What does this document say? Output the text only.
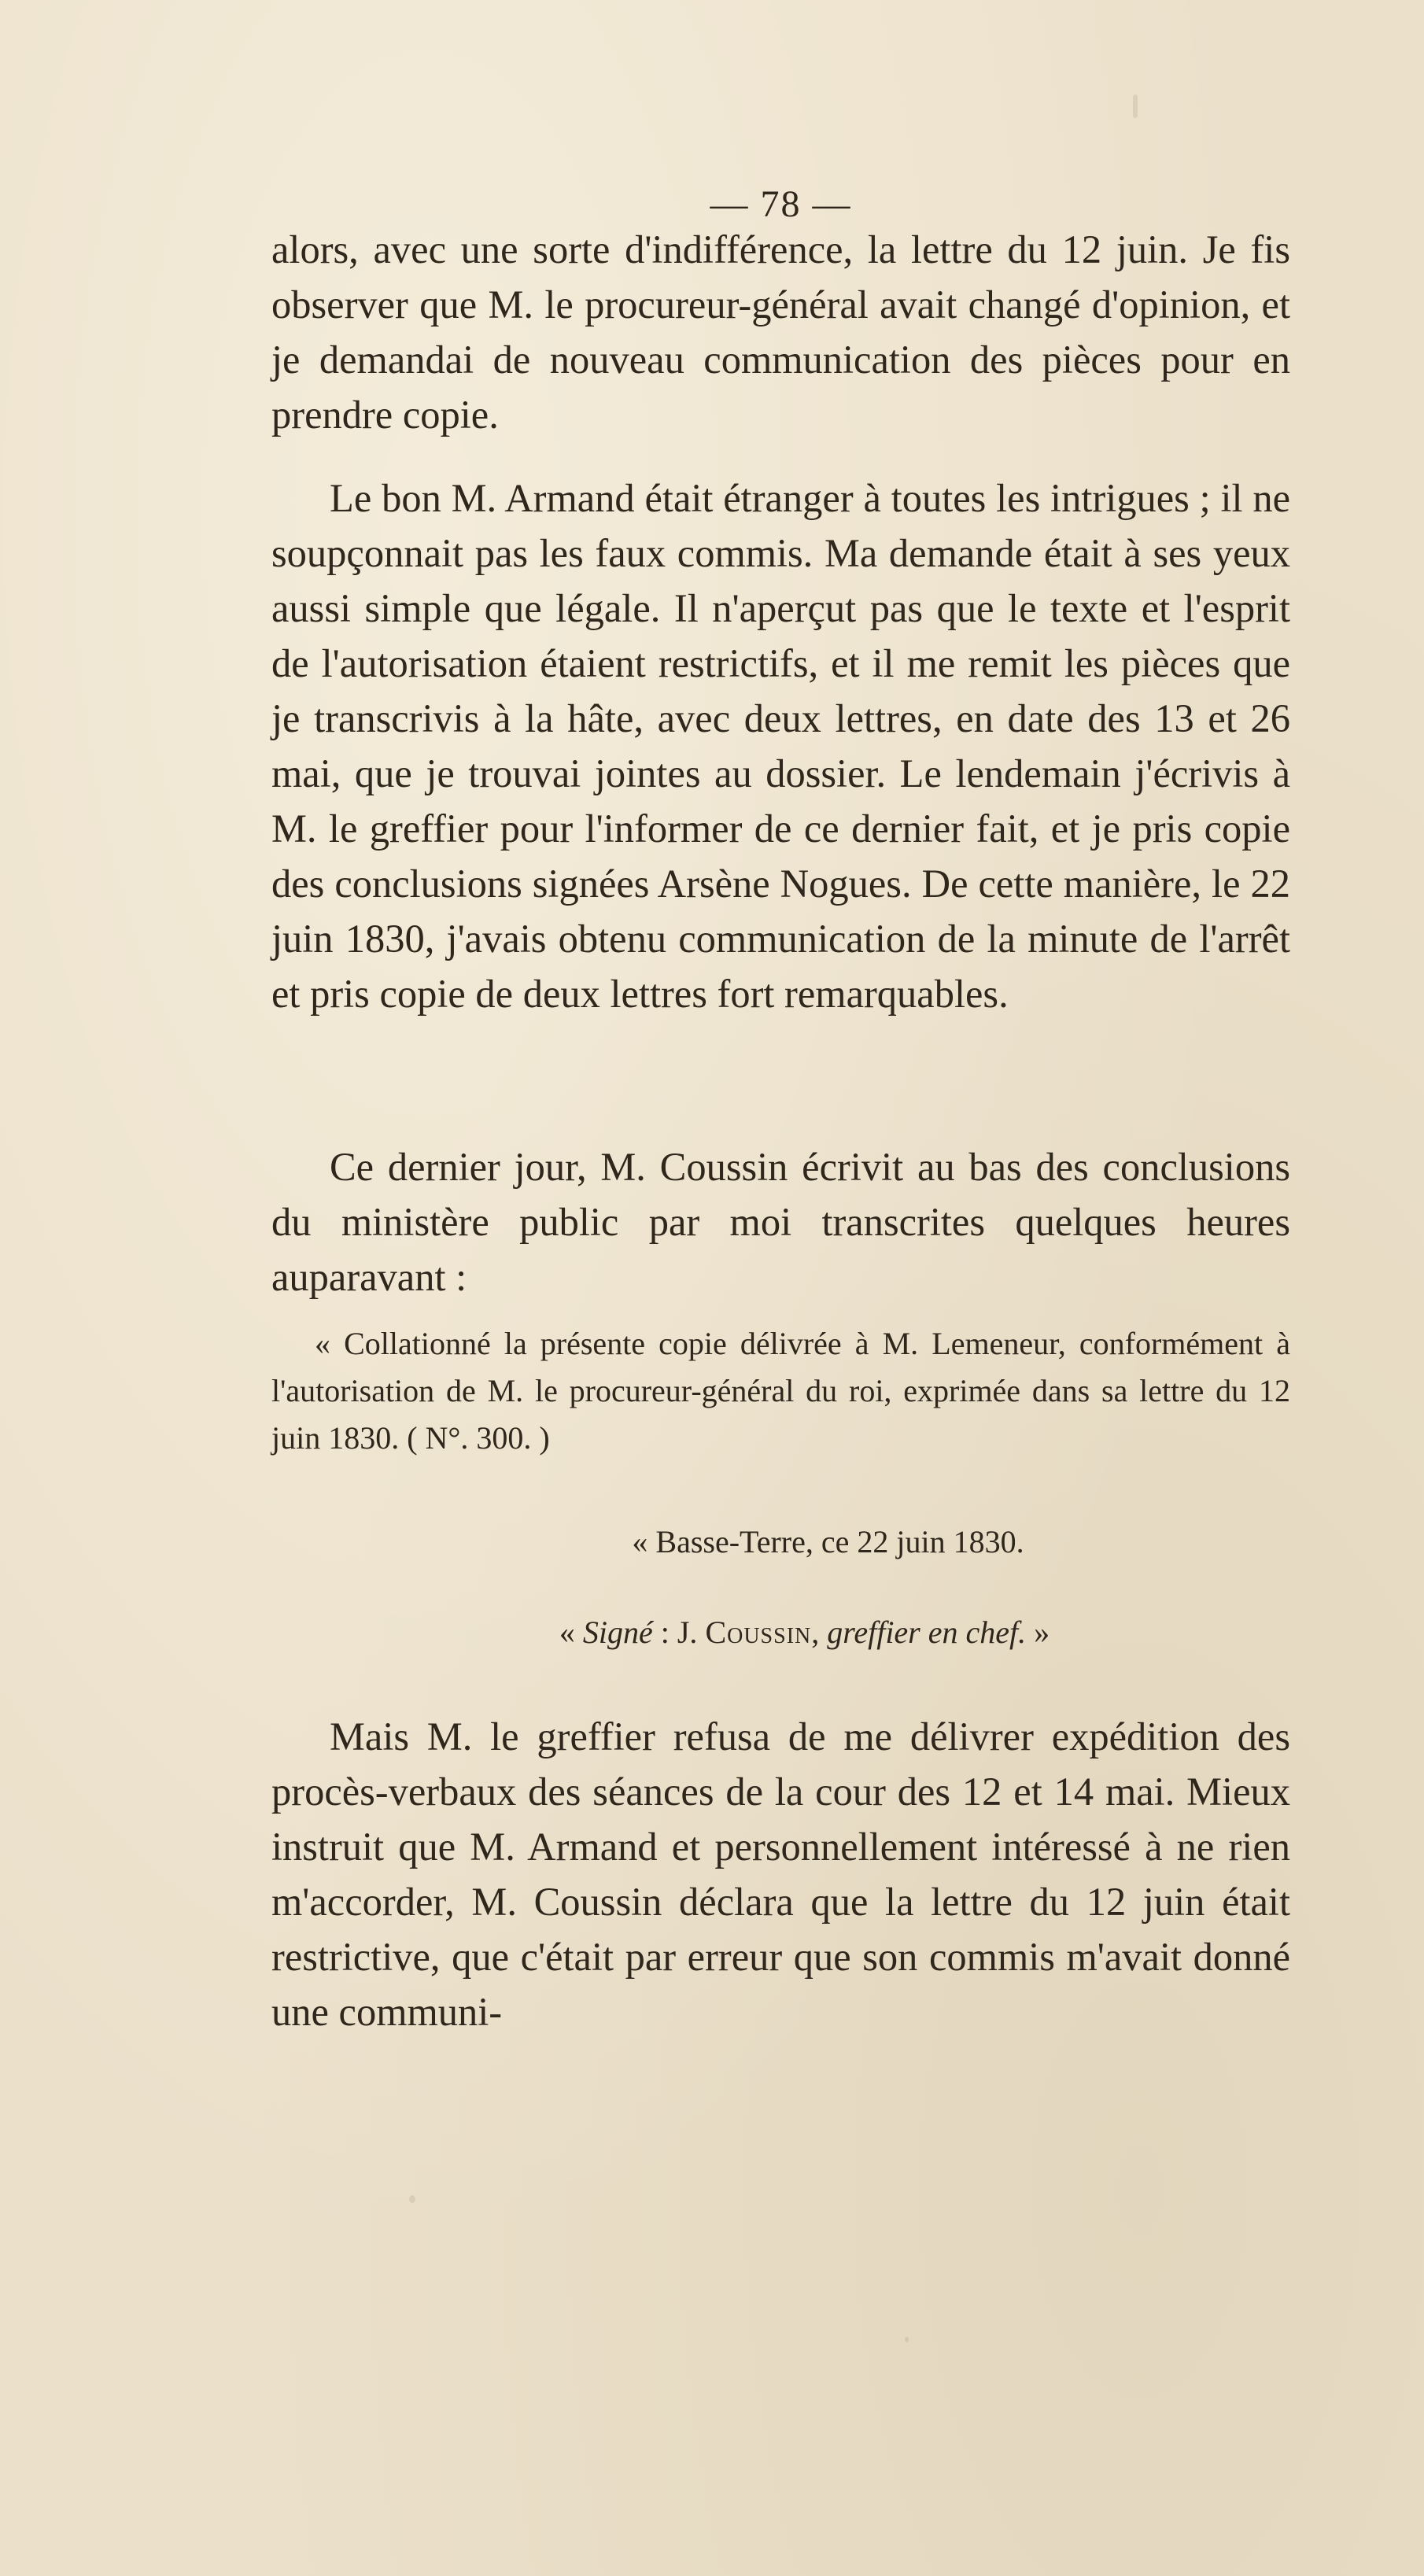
— 78 —

alors, avec une sorte d'indifférence, la lettre du 12 juin. Je fis observer que M. le procureur-général avait changé d'opinion, et je demandai de nouveau communication des pièces pour en prendre copie.

Le bon M. Armand était étranger à toutes les intrigues ; il ne soupçonnait pas les faux commis. Ma demande était à ses yeux aussi simple que légale. Il n'aperçut pas que le texte et l'esprit de l'autorisation étaient restrictifs, et il me remit les pièces que je transcrivis à la hâte, avec deux lettres, en date des 13 et 26 mai, que je trouvai jointes au dossier. Le lendemain j'écrivis à M. le greffier pour l'informer de ce dernier fait, et je pris copie des conclusions signées Arsène Nogues. De cette manière, le 22 juin 1830, j'avais obtenu communication de la minute de l'arrêt et pris copie de deux lettres fort remarquables.

Ce dernier jour, M. Coussin écrivit au bas des conclusions du ministère public par moi transcrites quelques heures auparavant :

« Collationné la présente copie délivrée à M. Lemeneur, conformément à l'autorisation de M. le procureur-général du roi, exprimée dans sa lettre du 12 juin 1830. ( N°. 300. )

« Basse-Terre, ce 22 juin 1830.
« Signé : J. Coussin, greffier en chef. »

Mais M. le greffier refusa de me délivrer expédition des procès-verbaux des séances de la cour des 12 et 14 mai. Mieux instruit que M. Armand et personnellement intéressé à ne rien m'accorder, M. Coussin déclara que la lettre du 12 juin était restrictive, que c'était par erreur que son commis m'avait donné une communi-
